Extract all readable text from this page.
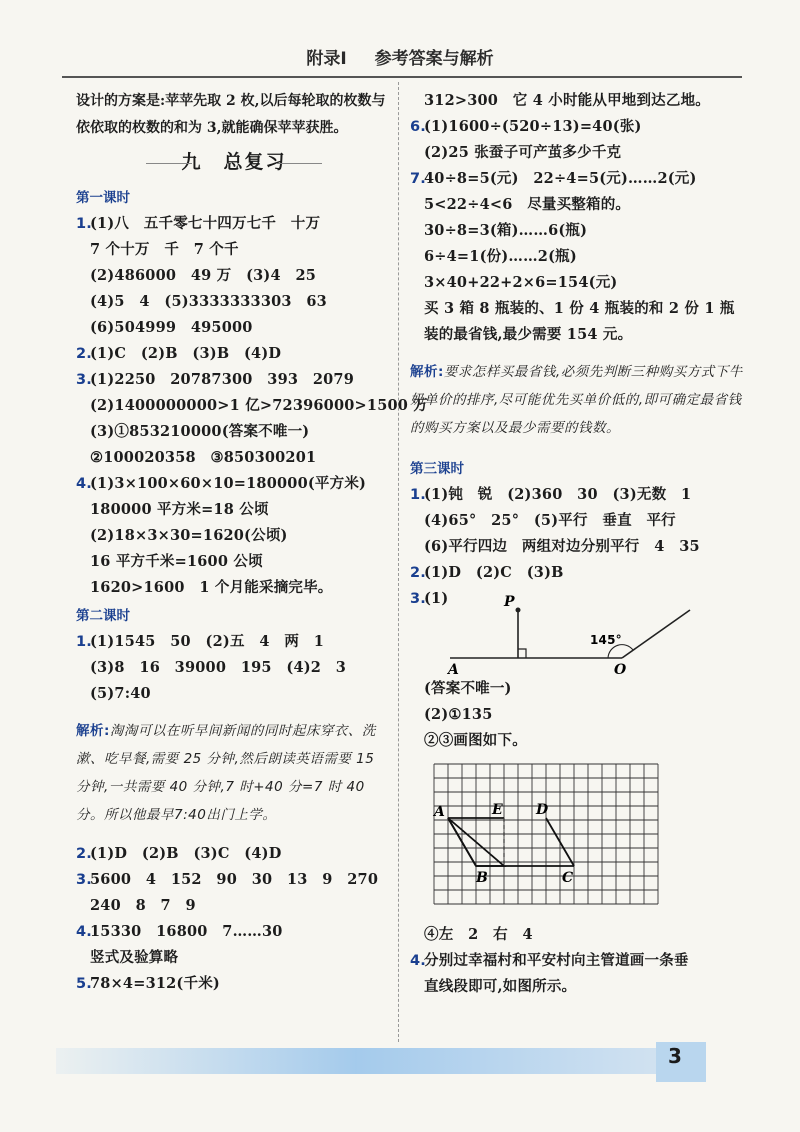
附录Ⅰ 参考答案与解析

设计的方案是:苹苹先取 2 枚,以后每轮取的枚数与依依取的枚数的和为 3,就能确保苹苹获胜。

九　总复习
第一课时
1.(1)八　五千零七十四万七千　十万
7 个十万　千　7 个千
(2)486000　49 万　(3)4　25
(4)5　4　(5)3333333303　63
(6)504999　495000
2.(1)C　(2)B　(3)B　(4)D
3.(1)2250　20787300　393　2079
(2)1400000000>1 亿>72396000>1500 万
(3)①853210000(答案不唯一)
②100020358　③850300201
4.(1)3×100×60×10=180000(平方米)
180000 平方米=18 公顷
(2)18×3×30=1620(公顷)
16 平方千米=1600 公顷
1620>1600　1 个月能采摘完毕。
第二课时
1.(1)1545　50　(2)五　4　两　1
(3)8　16　39000　195　(4)2　3
(5)7:40

解析:淘淘可以在听早间新闻的同时起床穿衣、洗漱、吃早餐,需要 25 分钟,然后朗读英语需要 15 分钟,一共需要 40 分钟,7 时+40 分=7 时 40 分。所以他最早7:40出门上学。

2.(1)D　(2)B　(3)C　(4)D
3.5600　4　152　90　30　13　9　270
240　8　7　9
4.15330　16800　7……30
竖式及验算略
5.78×4=312(千米)
312>300　它 4 小时能从甲地到达乙地。
6.(1)1600÷(520÷13)=40(张)
(2)25 张蚕子可产茧多少千克
7.40÷8=5(元)　22÷4=5(元)……2(元)
5<22÷4<6　尽量买整箱的。
30÷8=3(箱)……6(瓶)
6÷4=1(份)……2(瓶)
3×40+22+2×6=154(元)
买 3 箱 8 瓶装的、1 份 4 瓶装的和 2 份 1 瓶
装的最省钱,最少需要 154 元。

解析:要求怎样买最省钱,必须先判断三种购买方式下牛奶单价的排序,尽可能优先买单价低的,即可确定最省钱的购买方案以及最少需要的钱数。

第三课时
1.(1)钝　锐　(2)360　30　(3)无数　1
(4)65°　25°　(5)平行　垂直　平行
(6)平行四边　两组对边分别平行　4　35
2.(1)D　(2)C　(3)B
3.(1)	P
A	O
145°
(答案不唯一)
(2)①135
②③画图如下。
A	E D
B	C
④左　2　右　4
4.分别过幸福村和平安村向主管道画一条垂
直线段即可,如图所示。
3
